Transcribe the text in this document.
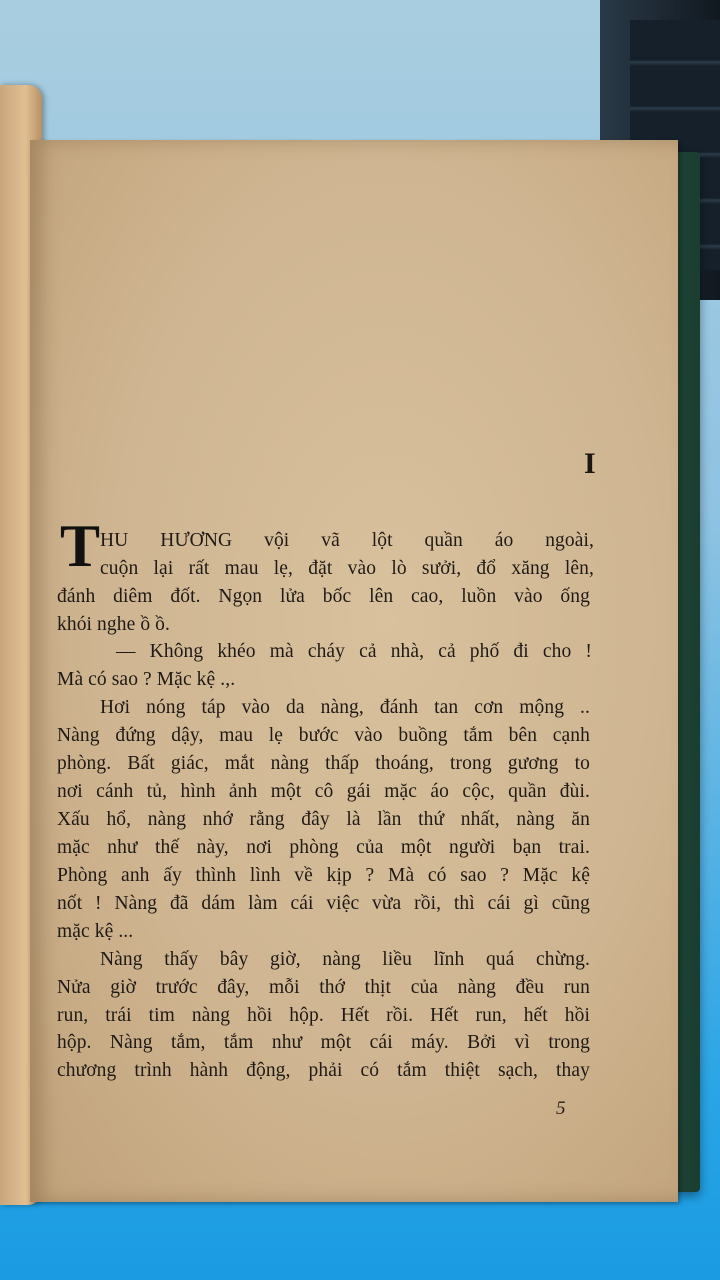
I
T HU HƯƠNG vội vã lột quần áo ngoài,
cuộn lại rất mau lẹ, đặt vào lò sưởi, đổ xăng lên,
đánh diêm đốt. Ngọn lửa bốc lên cao, luồn vào ống
khói nghe ồ ồ.
— Không khéo mà cháy cả nhà, cả phố đi cho !
Mà có sao ? Mặc kệ .,.
Hơi nóng táp vào da nàng, đánh tan cơn mộng ..
Nàng đứng dậy, mau lẹ bước vào buồng tắm bên cạnh
phòng. Bất giác, mắt nàng thấp thoáng, trong gương to
nơi cánh tủ, hình ảnh một cô gái mặc áo cộc, quần đùi.
Xấu hổ, nàng nhớ rằng đây là lần thứ nhất, nàng ăn
mặc như thế này, nơi phòng của một người bạn trai.
Phòng anh ấy thình lình về kịp ? Mà có sao ? Mặc kệ
nốt ! Nàng đã dám làm cái việc vừa rồi, thì cái gì cũng
mặc kệ ...
Nàng thấy bây giờ, nàng liều lĩnh quá chừng.
Nửa giờ trước đây, mỗi thớ thịt của nàng đều run
run, trái tim nàng hồi hộp. Hết rồi. Hết run, hết hồi
hộp. Nàng tắm, tắm như một cái máy. Bởi vì trong
chương trình hành động, phải có tắm thiệt sạch, thay
5
